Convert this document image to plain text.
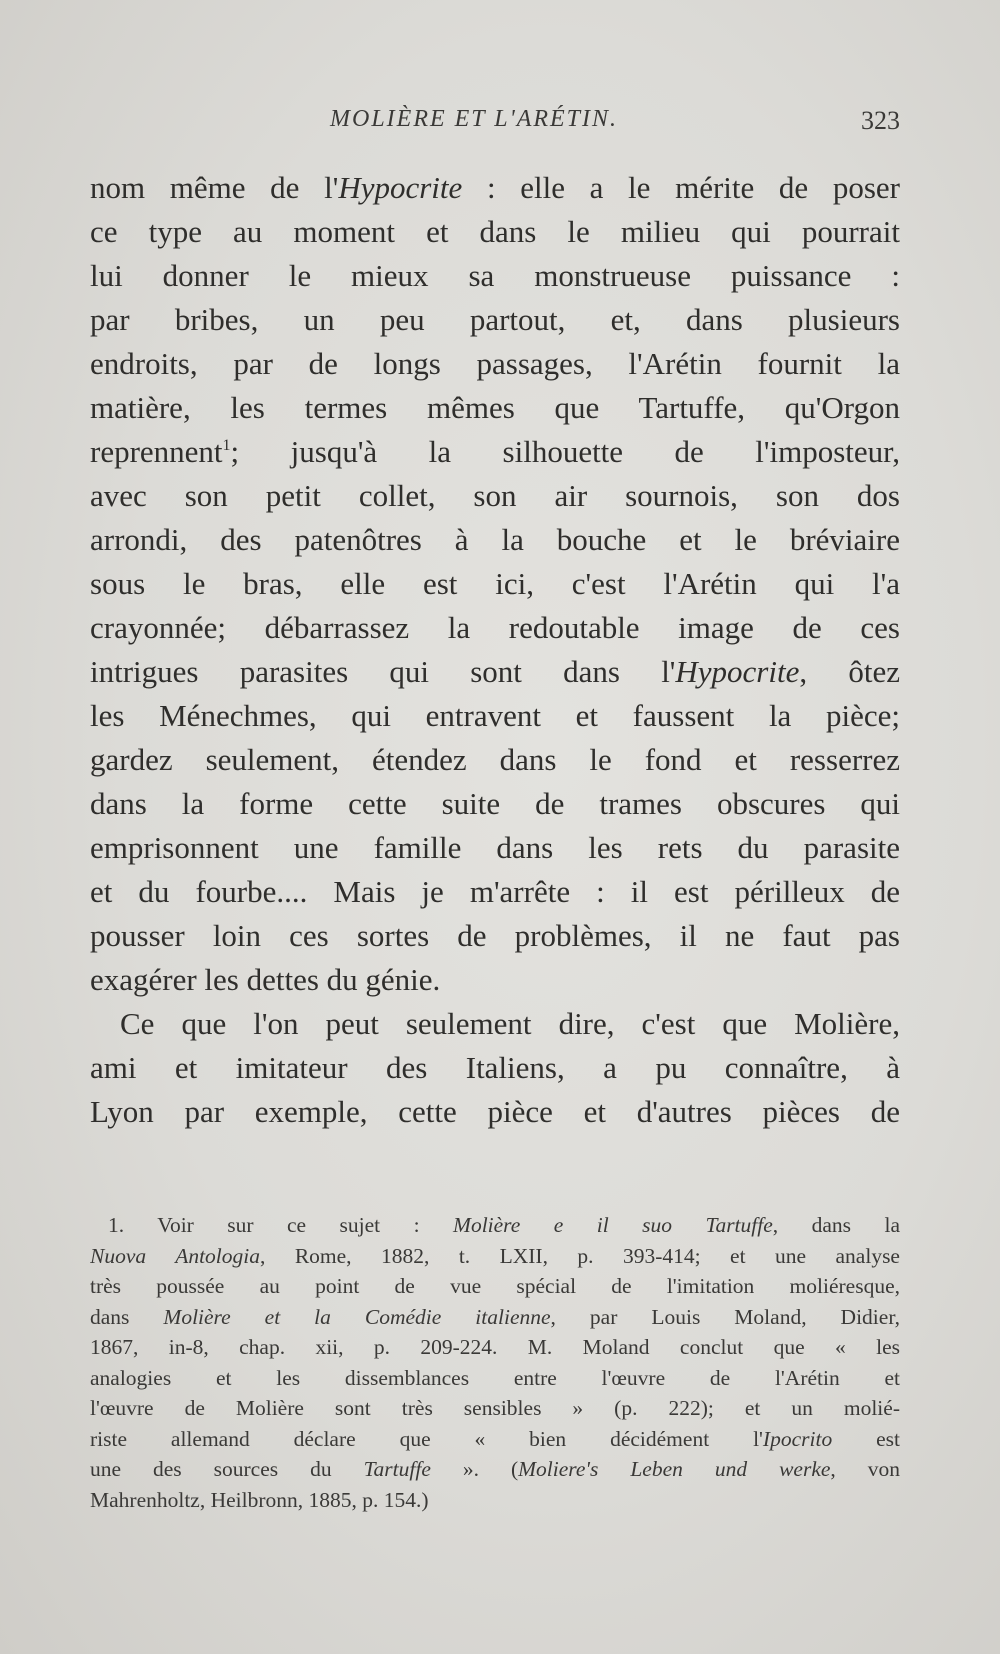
MOLIÈRE ET L'ARÉTIN.	323
nom même de l'Hypocrite : elle a le mérite de poser
ce type au moment et dans le milieu qui pourrait
lui donner le mieux sa monstrueuse puissance :
par bribes, un peu partout, et, dans plusieurs
endroits, par de longs passages, l'Arétin fournit la
matière, les termes mêmes que Tartuffe, qu'Orgon
reprennent$^1$; jusqu'à la silhouette de l'imposteur,
avec son petit collet, son air sournois, son dos
arrondi, des patenôtres à la bouche et le bréviaire
sous le bras, elle est ici, c'est l'Arétin qui l'a
crayonnée; débarrassez la redoutable image de ces
intrigues parasites qui sont dans l'Hypocrite, ôtez
les Ménechmes, qui entravent et faussent la pièce;
gardez seulement, étendez dans le fond et resserrez
dans la forme cette suite de trames obscures qui
emprisonnent une famille dans les rets du parasite
et du fourbe.... Mais je m'arrête : il est périlleux de
pousser loin ces sortes de problèmes, il ne faut pas
exagérer les dettes du génie.
Ce que l'on peut seulement dire, c'est que Molière,
ami et imitateur des Italiens, a pu connaître, à
Lyon par exemple, cette pièce et d'autres pièces de
1. Voir sur ce sujet : Molière e il suo Tartuffe, dans la
Nuova Antologia, Rome, 1882, t. LXII, p. 393-414; et une analyse
très poussée au point de vue spécial de l'imitation moliéresque,
dans Molière et la Comédie italienne, par Louis Moland, Didier,
1867, in-8, chap. xii, p. 209-224. M. Moland conclut que « les
analogies et les dissemblances entre l'œuvre de l'Arétin et
l'œuvre de Molière sont très sensibles » (p. 222); et un molié-
riste allemand déclare que « bien décidément l'Ipocrito est
une des sources du Tartuffe ». (Moliere's Leben und werke, von
Mahrenholtz, Heilbronn, 1885, p. 154.)
